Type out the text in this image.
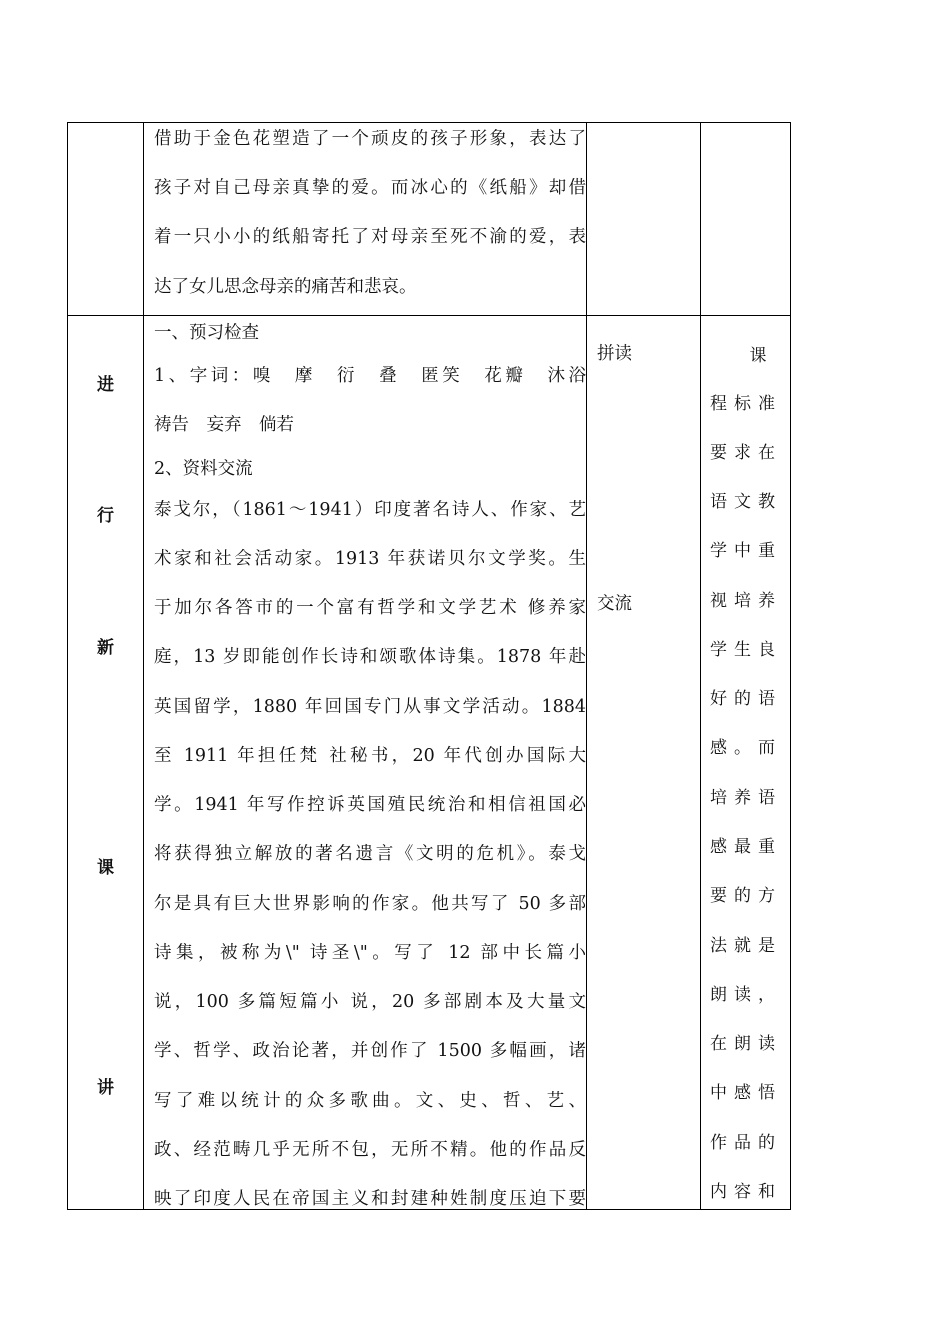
借助于金色花塑造了一个顽皮的孩子形象，表达了
孩子对自己母亲真挚的爱。而冰心的《纸船》却借
着一只小小的纸船寄托了对母亲至死不渝的爱，表
达了女儿思念母亲的痛苦和悲哀。
进
行
新
课
讲
一、预习检查
1、字词：嗅　摩　衍　叠　匿笑　花瓣　沐浴
祷告　妄弃　倘若
2、资料交流
泰戈尔，（1861～1941）印度著名诗人、作家、艺
术家和社会活动家。1913 年获诺贝尔文学奖。生
于加尔各答市的一个富有哲学和文学艺术 修养家
庭，13 岁即能创作长诗和颂歌体诗集。1878 年赴
英国留学，1880 年回国专门从事文学活动。1884
至 1911 年担任梵 社秘书，20 年代创办国际大
学。1941 年写作控诉英国殖民统治和相信祖国必
将获得独立解放的著名遗言《文明的危机》。泰戈
尔是具有巨大世界影响的作家。他共写了 50 多部
诗集，被称为\" 诗圣\"。写了 12 部中长篇小
说，100 多篇短篇小 说，20 多部剧本及大量文
学、哲学、政治论著，并创作了 1500 多幅画，诸
写了难以统计的众多歌曲。文、史、哲、艺、
政、经范畴几乎无所不包，无所不精。他的作品反
映了印度人民在帝国主义和封建种姓制度压迫下要
拼读
交流
课
程标准
要求在
语文教
学中重
视培养
学生良
好的语
感。而
培养语
感最重
要的方
法就是
朗读，
在朗读
中感悟
作品的
内容和
